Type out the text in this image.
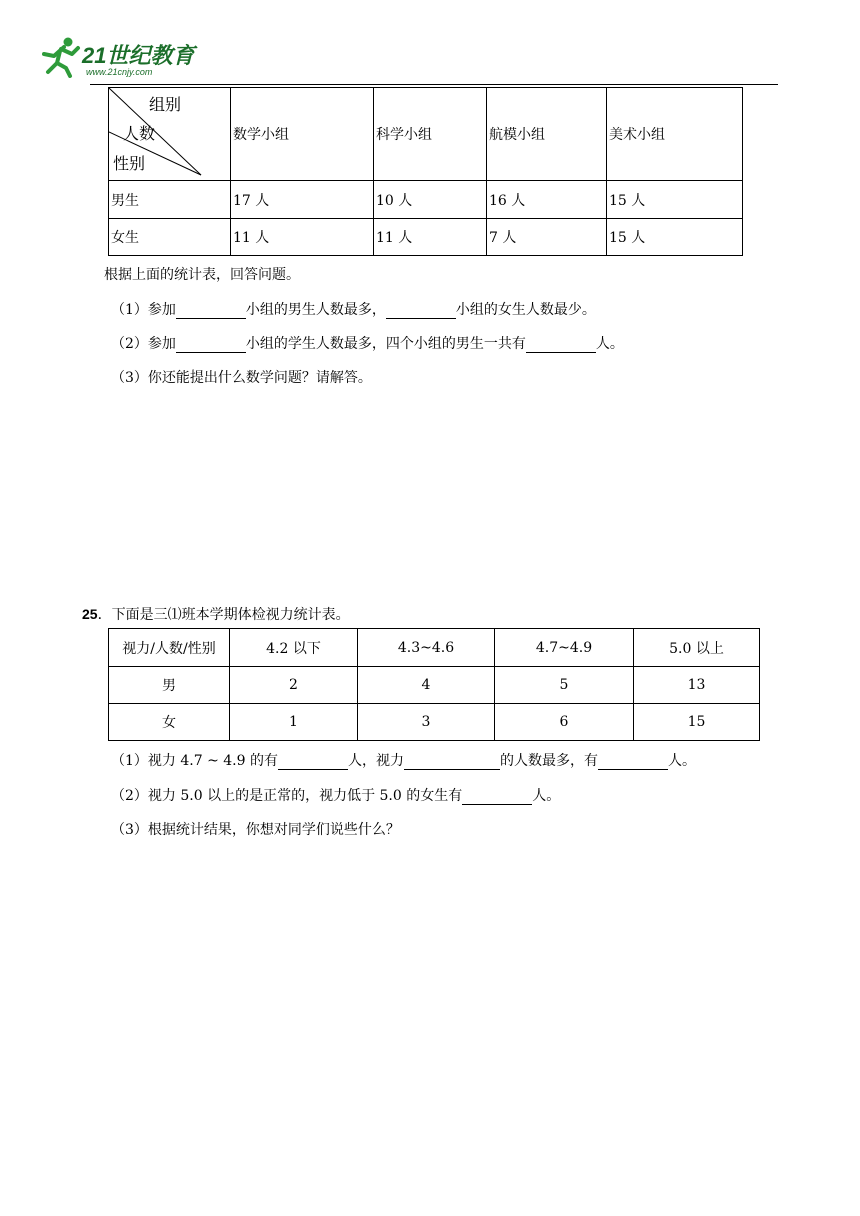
21世纪教育
www.21cnjy.com
组别
人数
性别	数学小组	科学小组	航模小组	美术小组
男生	17 人	10 人	16 人	15 人
女生	11 人	11 人	7 人	15 人
根据上面的统计表，回答问题。
（1）参加	小组的男生人数最多，	小组的女生人数最少。
（2）参加	小组的学生人数最多，四个小组的男生一共有	人。
（3）你还能提出什么数学问题？请解答。
25．下面是三⑴班本学期体检视力统计表。
视力/人数/性别	4.2 以下	4.3~4.6	4.7~4.9	5.0 以上
男	2	4	5	13
女	1	3	6	15
（1）视力 4.7 ~ 4.9 的有	人，视力	的人数最多，有	人。
（2）视力 5.0 以上的是正常的，视力低于 5.0 的女生有	人。
（3）根据统计结果，你想对同学们说些什么？
